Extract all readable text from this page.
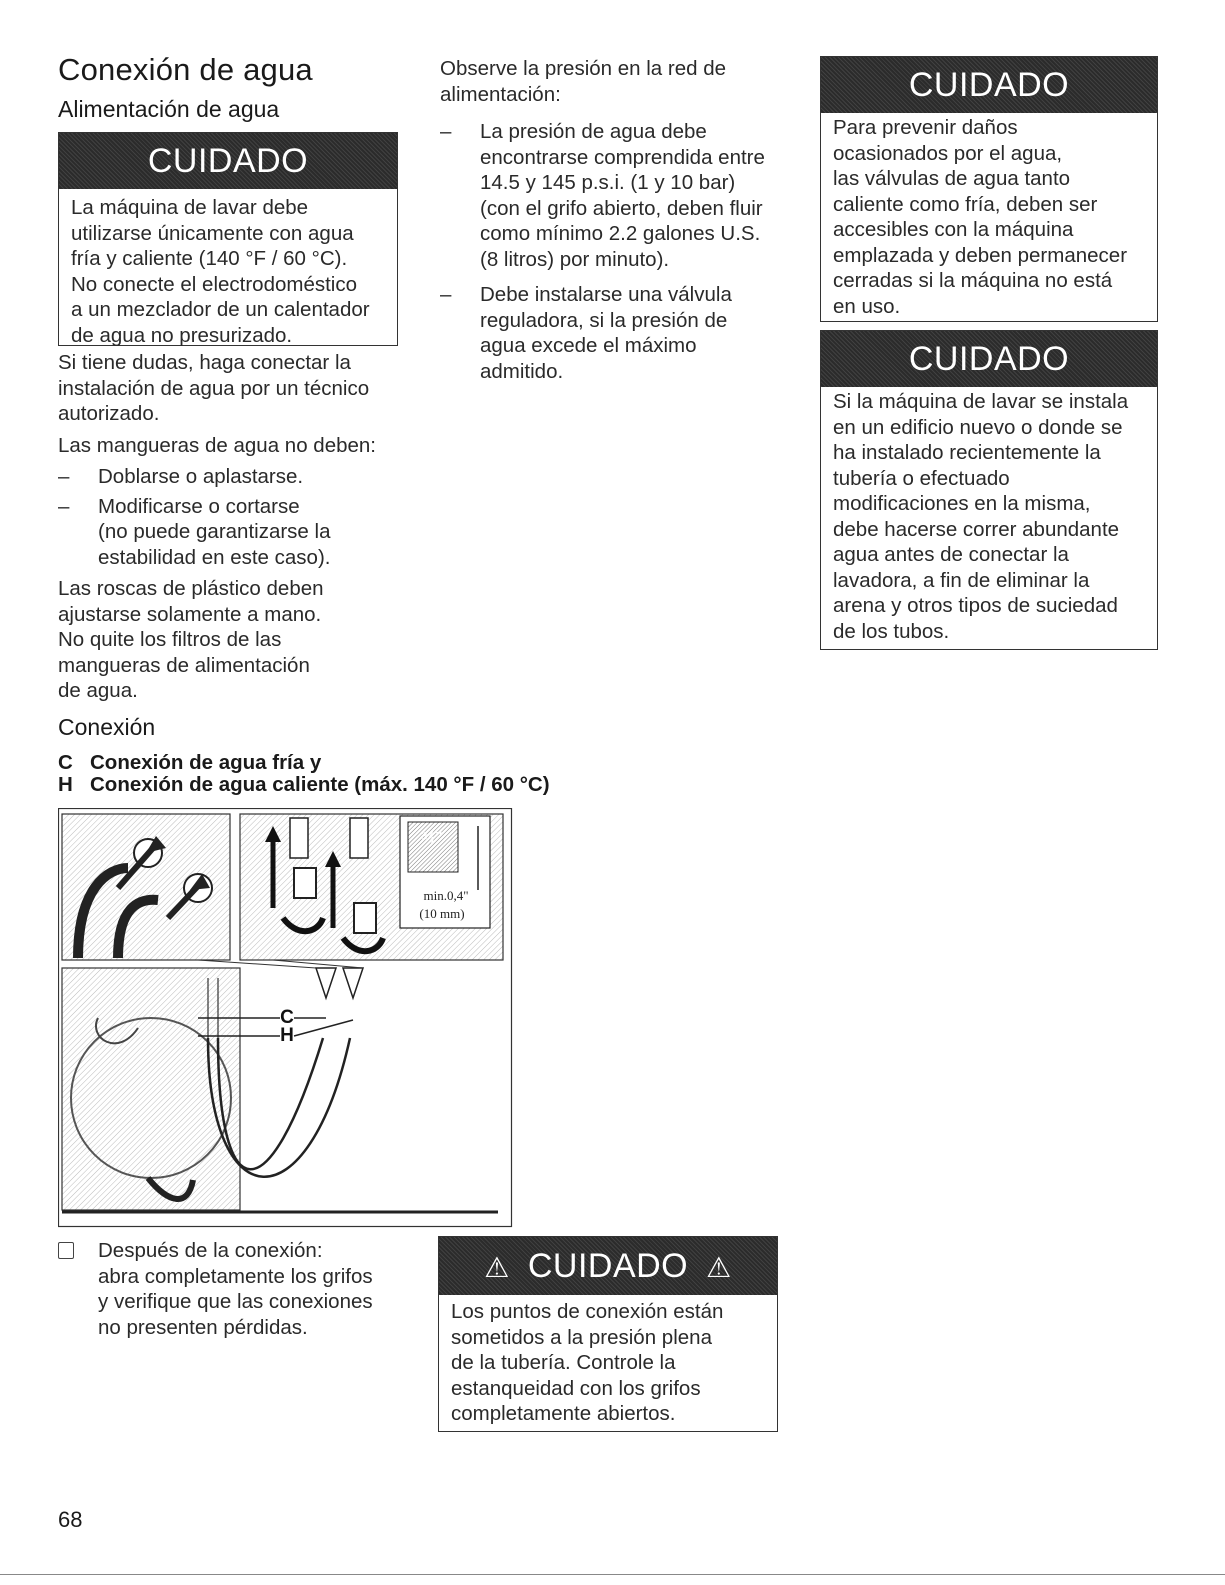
Conexión de agua
Alimentación de agua
CUIDADO
La máquina de lavar debe
utilizarse únicamente con agua
fría y caliente (140 °F / 60 °C).
No conecte el electrodoméstico
a un mezclador de un calentador
de agua no presurizado.

Si tiene dudas, haga conectar la
instalación de agua por un técnico
autorizado.

Las mangueras de agua no deben:

–	Doblarse o aplastarse.
–	Modificarse o cortarse
(no puede garantizarse la
estabilidad en este caso).

Las roscas de plástico deben
ajustarse solamente a mano.
No quite los filtros de las
mangueras de alimentación
de agua.

Observe la presión en la red de
alimentación:

–	La presión de agua debe
encontrarse comprendida entre
14.5 y 145 p.s.i. (1 y 10 bar)
(con el grifo abierto, deben fluir
como mínimo 2.2 galones U.S.
(8 litros) por minuto).
–	Debe instalarse una válvula
reguladora, si la presión de
agua excede el máximo
admitido.
CUIDADO
Para prevenir daños
ocasionados por el agua,
las válvulas de agua tanto
caliente como fría, deben ser
accesibles con la máquina
emplazada y deben permanecer
cerradas si la máquina no está
en uso.
CUIDADO
Si la máquina de lavar se instala
en un edificio nuevo o donde se
ha instalado recientemente la
tubería o efectuado
modificaciones en la misma,
debe hacerse correr abundante
agua antes de conectar la
lavadora, a fin de eliminar la
arena y otros tipos de suciedad
de los tubos.
Conexión
C Conexión de agua fría y
H Conexión de agua caliente (máx. 140 °F / 60 °C)
¾"
min.0,4"
(10 mm)
C
H
Después de la conexión:
abra completamente los grifos
y verifique que las conexiones
no presenten pérdidas.
⚠ CUIDADO ⚠
Los puntos de conexión están
sometidos a la presión plena
de la tubería. Controle la
estanqueidad con los grifos
completamente abiertos.
68
